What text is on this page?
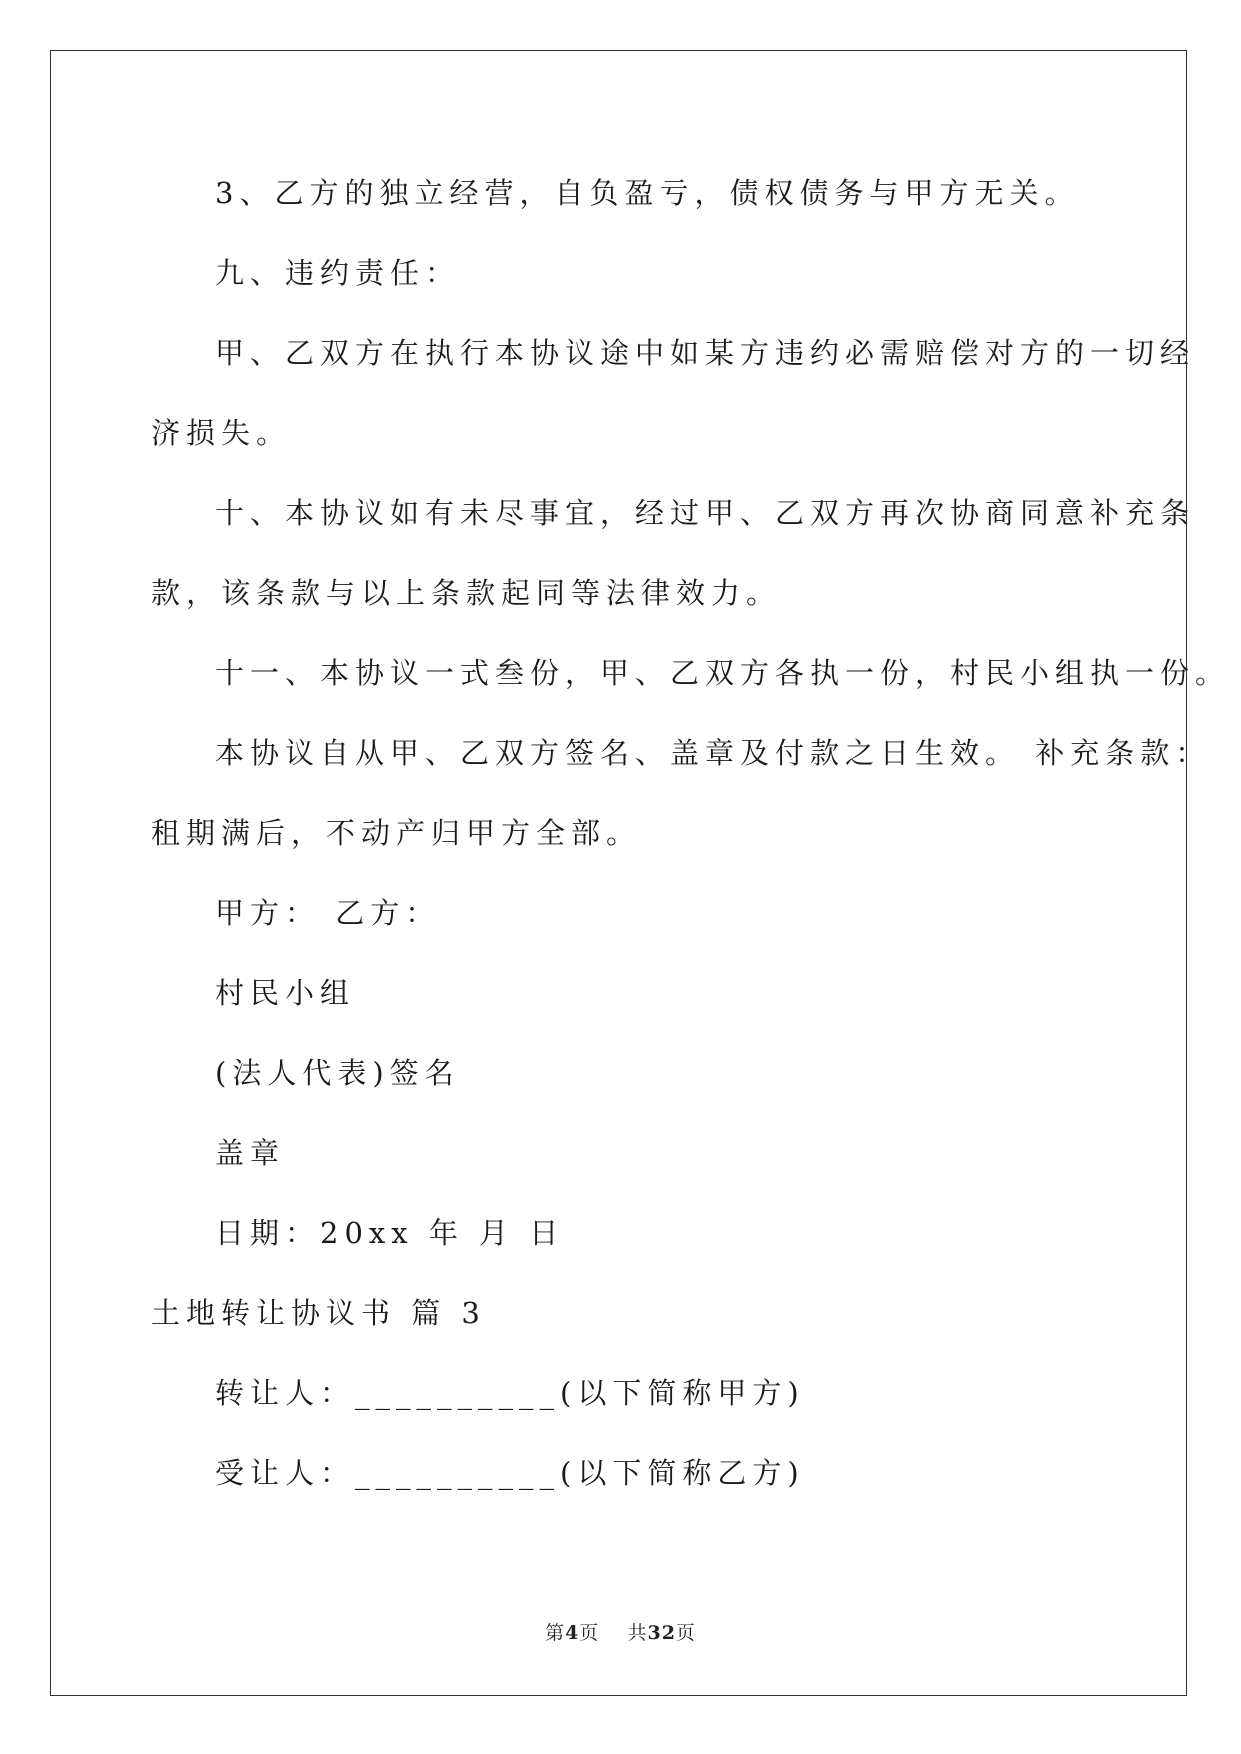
3、乙方的独立经营，自负盈亏，债权债务与甲方无关。
九、违约责任：
甲、乙双方在执行本协议途中如某方违约必需赔偿对方的一切经
济损失。
十、本协议如有未尽事宜，经过甲、乙双方再次协商同意补充条
款，该条款与以上条款起同等法律效力。
十一、本协议一式叁份，甲、乙双方各执一份，村民小组执一份。
本协议自从甲、乙双方签名、盖章及付款之日生效。 补充条款：
租期满后，不动产归甲方全部。
甲方： 乙方：
村民小组
(法人代表)签名
盖章
日期：20xx 年 月 日
土地转让协议书 篇 3
转让人：__________(以下简称甲方)
受让人：__________(以下简称乙方)
第4页    共32页
